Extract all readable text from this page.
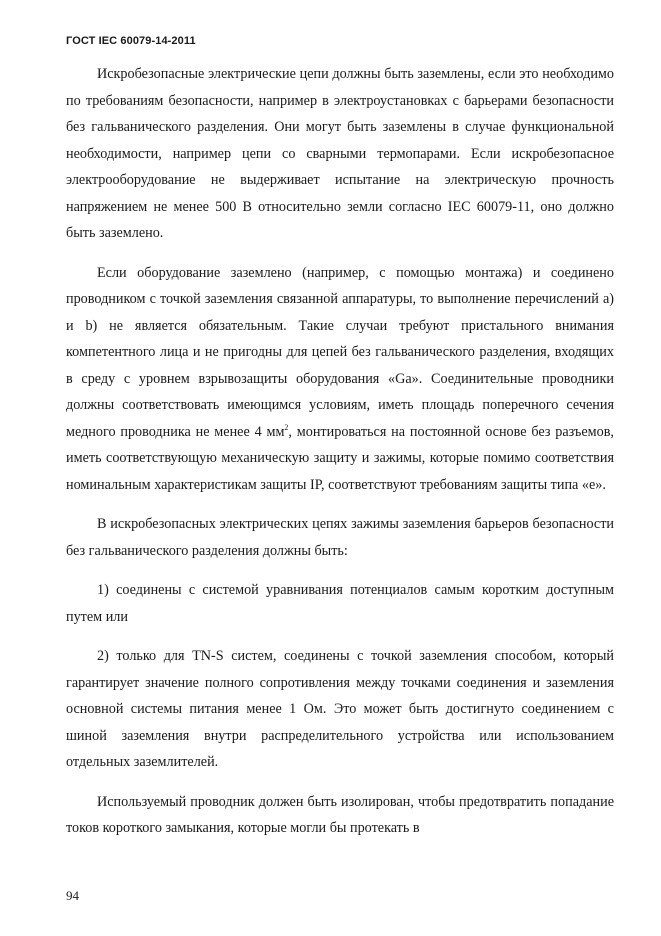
ГОСТ IEC 60079-14-2011

Искробезопасные электрические цепи должны быть заземлены, если это необходимо по требованиям безопасности, например в электроустановках с барьерами безопасности без гальванического разделения. Они могут быть заземлены в случае функциональной необходимости, например цепи со сварными термопарами. Если искробезопасное электрооборудование не выдерживает испытание на электрическую прочность напряжением не менее 500 В относительно земли согласно IEC 60079-11, оно должно быть заземлено.

Если оборудование заземлено (например, с помощью монтажа) и соединено проводником с точкой заземления связанной аппаратуры, то выполнение перечислений a) и b) не является обязательным. Такие случаи требуют пристального внимания компетентного лица и не пригодны для цепей без гальванического разделения, входящих в среду с уровнем взрывозащиты оборудования «Ga». Соединительные проводники должны соответствовать имеющимся условиям, иметь площадь поперечного сечения медного проводника не менее 4 $мм^2$, монтироваться на постоянной основе без разъемов, иметь соответствующую механическую защиту и зажимы, которые помимо соответствия номинальным характеристикам защиты IP, соответствуют требованиям защиты типа «е».

В искробезопасных электрических цепях зажимы заземления барьеров безопасности без гальванического разделения должны быть:

1) соединены с системой уравнивания потенциалов самым коротким доступным путем или

2) только для TN-S систем, соединены с точкой заземления способом, который гарантирует значение полного сопротивления между точками соединения и заземления основной системы питания менее 1 Ом. Это может быть достигнуто соединением с шиной заземления внутри распределительного устройства или использованием отдельных заземлителей.

Используемый проводник должен быть изолирован, чтобы предотвратить попадание токов короткого замыкания, которые могли бы протекать в

94
